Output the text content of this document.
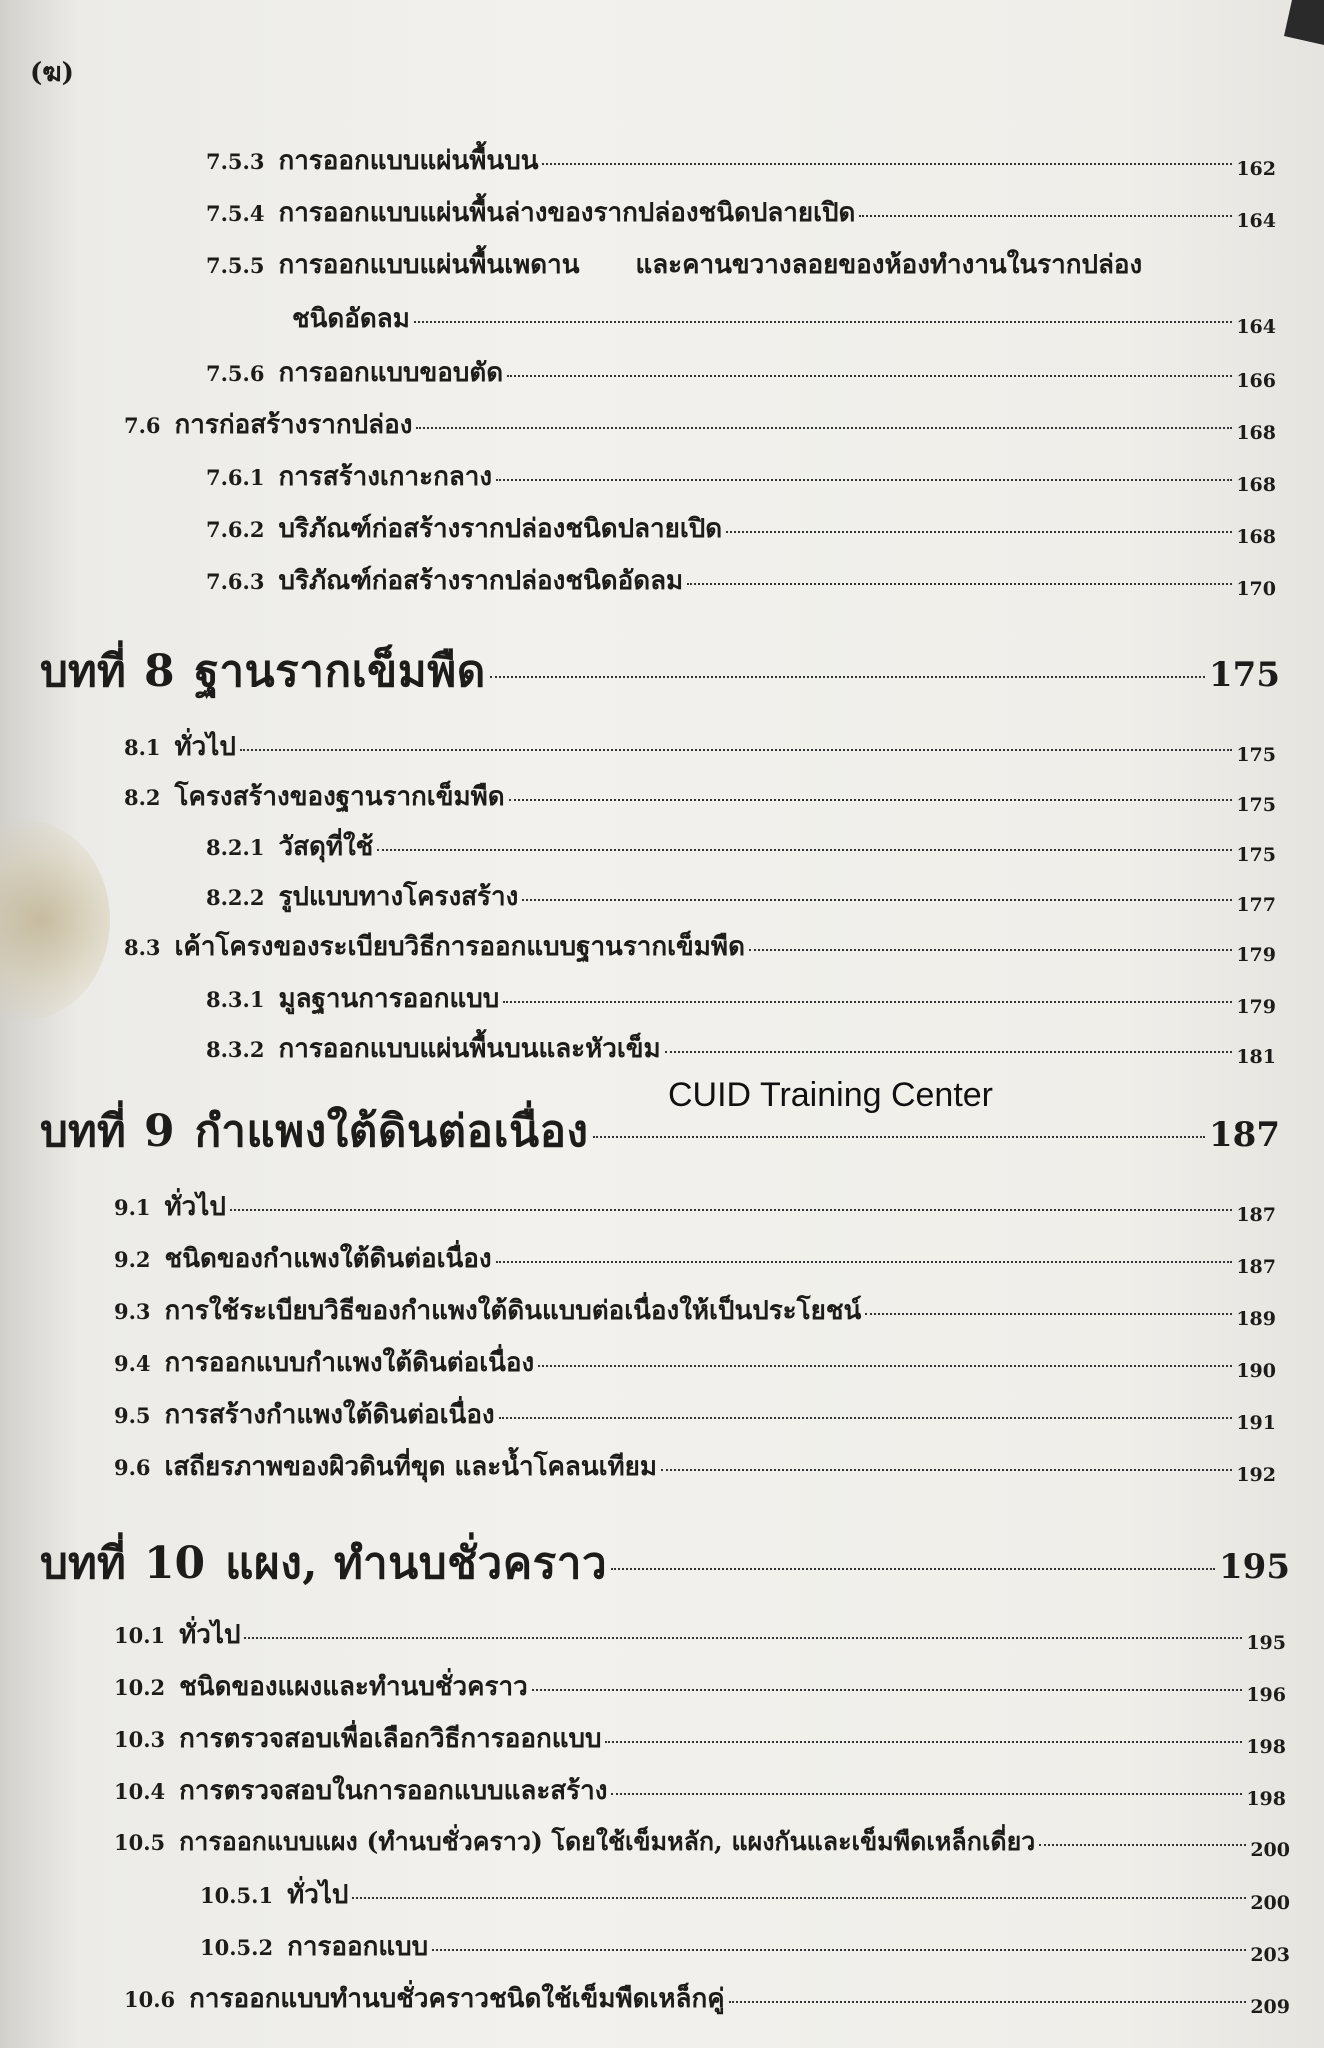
(ฆ)
7.5.3 การออกแบบแผ่นพื้นบน	162
7.5.4 การออกแบบแผ่นพื้นล่างของรากปล่องชนิดปลายเปิด	164
7.5.5 การออกแบบแผ่นพื้นเพดาน และคานขวางลอยของห้องทำงานในรากปล่อง
ชนิดอัดลม	164
7.5.6 การออกแบบขอบตัด	166
7.6 การก่อสร้างรากปล่อง	168
7.6.1 การสร้างเกาะกลาง	168
7.6.2 บริภัณฑ์ก่อสร้างรากปล่องชนิดปลายเปิด	168
7.6.3 บริภัณฑ์ก่อสร้างรากปล่องชนิดอัดลม	170
บทที่ 8 ฐานรากเข็มพืด	175
8.1 ทั่วไป	175
8.2 โครงสร้างของฐานรากเข็มพืด	175
8.2.1 วัสดุที่ใช้	175
8.2.2 รูปแบบทางโครงสร้าง	177
8.3 เค้าโครงของระเบียบวิธีการออกแบบฐานรากเข็มพืด	179
8.3.1 มูลฐานการออกแบบ	179
8.3.2 การออกแบบแผ่นพื้นบนและหัวเข็ม	181
CUID Training Center
บทที่ 9 กำแพงใต้ดินต่อเนื่อง	187
9.1 ทั่วไป	187
9.2 ชนิดของกำแพงใต้ดินต่อเนื่อง	187
9.3 การใช้ระเบียบวิธีของกำแพงใต้ดินแบบต่อเนื่องให้เป็นประโยชน์	189
9.4 การออกแบบกำแพงใต้ดินต่อเนื่อง	190
9.5 การสร้างกำแพงใต้ดินต่อเนื่อง	191
9.6 เสถียรภาพของผิวดินที่ขุด และน้ำโคลนเทียม	192
บทที่ 10 แผง, ทำนบชั่วคราว	195
10.1 ทั่วไป	195
10.2 ชนิดของแผงและทำนบชั่วคราว	196
10.3 การตรวจสอบเพื่อเลือกวิธีการออกแบบ	198
10.4 การตรวจสอบในการออกแบบและสร้าง	198
10.5 การออกแบบแผง (ทำนบชั่วคราว) โดยใช้เข็มหลัก, แผงกันและเข็มพืดเหล็กเดี่ยว	200
10.5.1 ทั่วไป	200
10.5.2 การออกแบบ	203
10.6 การออกแบบทำนบชั่วคราวชนิดใช้เข็มพืดเหล็กคู่	209
